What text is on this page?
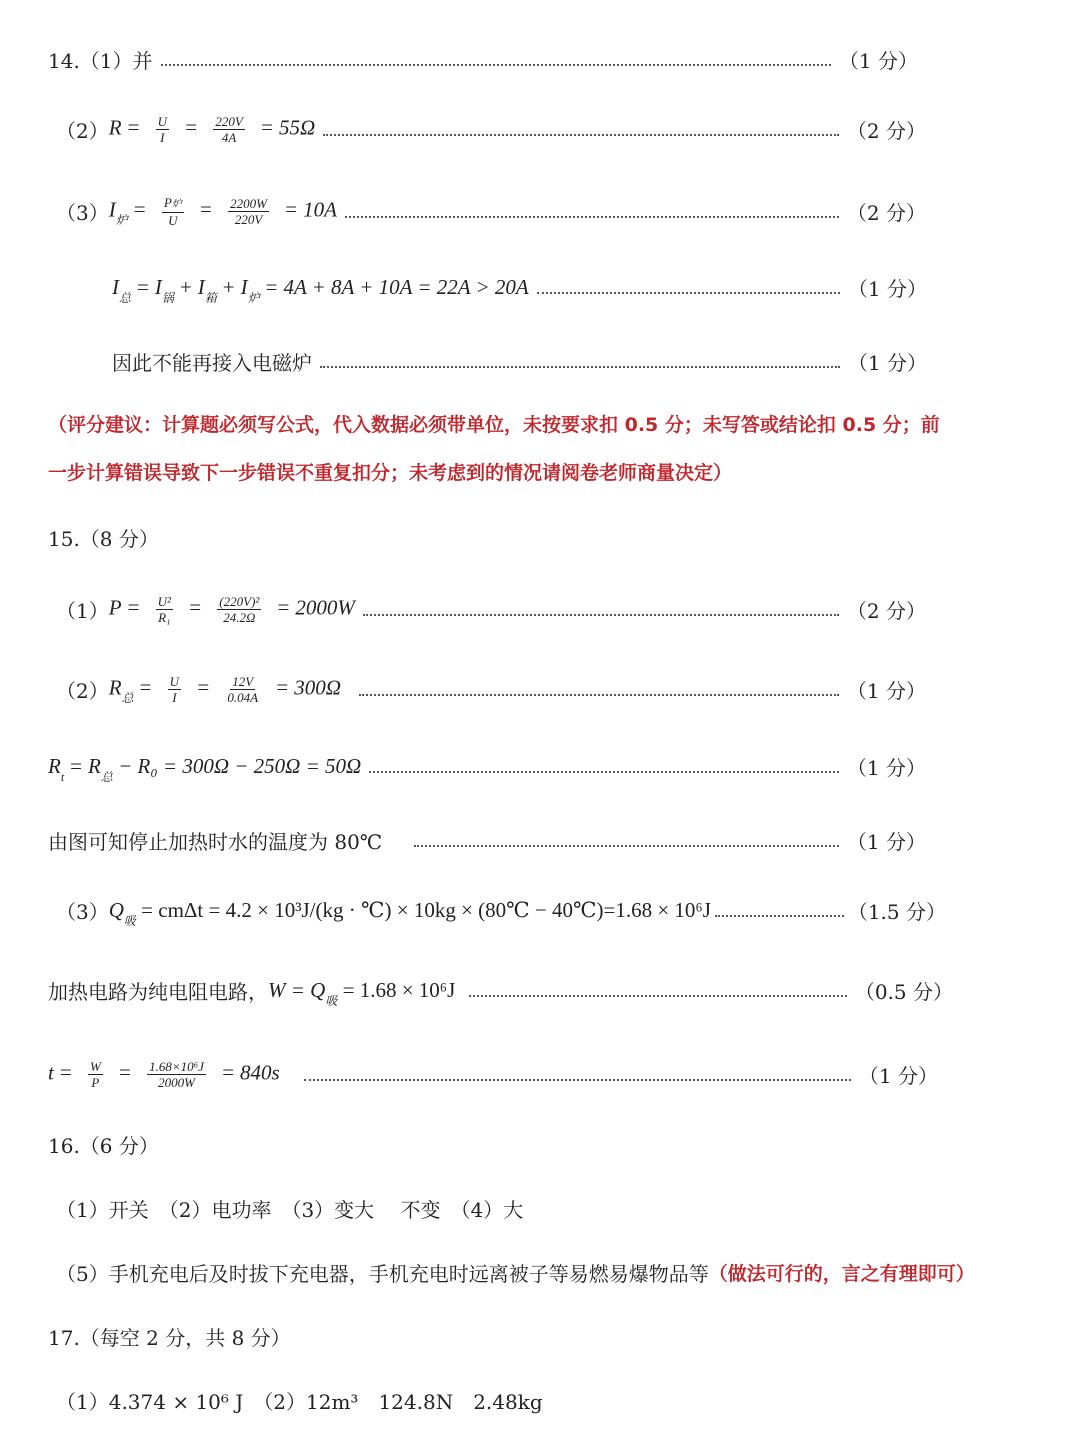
14.（1）并	（1 分）
（2） $R = \frac{U}{I} = \frac{220V}{4A} = 55\Omega$	（2 分）
（3） $I_炉 = \frac{\text{P炉}}{U} = \frac{2200W}{220V} = 10A$	（2 分）
$I_总 = I_锅 + I_箱 + I_炉 = 4A + 8A + 10A = 22A > 20A$	（1 分）
因此不能再接入电磁炉	（1 分）
（评分建议：计算题必须写公式，代入数据必须带单位，未按要求扣 0.5 分；未写答或结论扣 0.5 分；前
一步计算错误导致下一步错误不重复扣分；未考虑到的情况请阅卷老师商量决定）
15.（8 分）
（1） $P = \frac{\text{U²}}{\text{R₁}} = \frac{\text{(220V)²}}{24.2\Omega} = 2000W$	（2 分）
（2） $R_总 = \frac{U}{I} = \frac{12V}{0.04A} = 300\Omega$	（1 分）
$R_t = R_总 - R_0 = 300\Omega - 250\Omega = 50\Omega$	（1 分）
由图可知停止加热时水的温度为 80℃	（1 分）
（3） $Q_吸 = cm\Delta t = 4.2 \times 10^3J/(kg$ · ℃) × 10kg × (80℃ − 40℃)=1.68 × 10⁶J	（1.5 分）
加热电路为纯电阻电路， $W = Q_吸 = 1.68 \times 10^6J$	（0.5 分）
$t = \frac{W}{P} = \frac{\text{1.68×10⁶J}}{2000W} = 840s$	（1 分）
16.（6 分）
（1）开关　（2）电功率　（3）变大　 不变　（4）大
（5）手机充电后及时拔下充电器，手机充电时远离被子等易燃易爆物品等 （做法可行的，言之有理即可）
17.（每空 2 分，共 8 分）
（1）4.374 × 10⁶ J　（2）12m³　124.8N　2.48kg
